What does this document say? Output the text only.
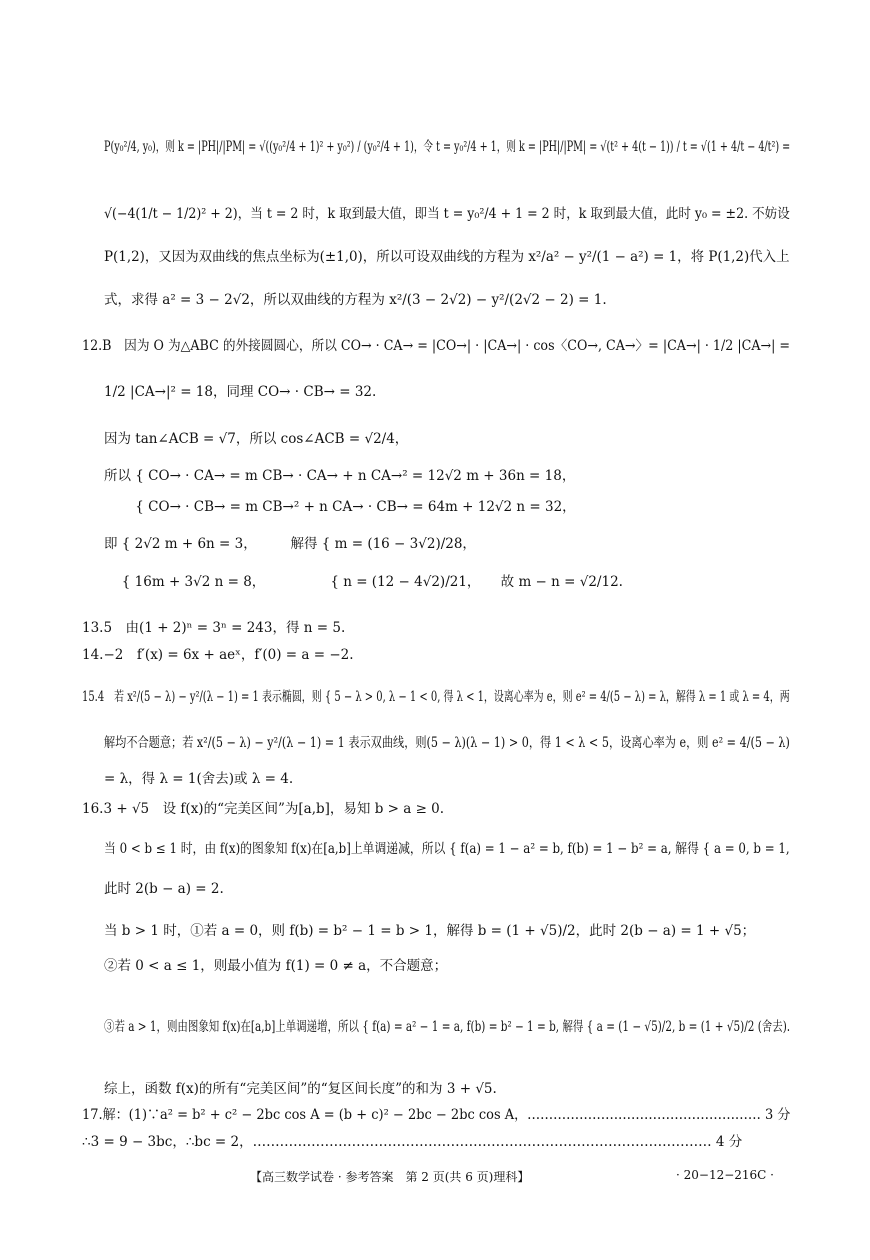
P(y₀²/4, y₀)，则 k = |PH|/|PM| = √((y₀²/4 + 1)² + y₀²) / (y₀²/4 + 1)，令 t = y₀²/4 + 1，则 k = |PH|/|PM| = √(t² + 4(t − 1)) / t = √(1 + 4/t − 4/t²) =
√(−4(1/t − 1/2)² + 2)，当 t = 2 时，k 取到最大值，即当 t = y₀²/4 + 1 = 2 时，k 取到最大值，此时 y₀ = ±2. 不妨设
P(1,2)，又因为双曲线的焦点坐标为(±1,0)，所以可设双曲线的方程为 x²/a² − y²/(1 − a²) = 1，将 P(1,2)代入上
式，求得 a² = 3 − 2√2，所以双曲线的方程为 x²/(3 − 2√2) − y²/(2√2 − 2) = 1.
12.B　因为 O 为△ABC 的外接圆圆心，所以 CO→ · CA→ = |CO→| · |CA→| · cos〈CO→, CA→〉= |CA→| · 1/2 |CA→| =
1/2 |CA→|² = 18，同理 CO→ · CB→ = 32.
因为 tan∠ACB = √7，所以 cos∠ACB = √2/4，
所以 { CO→ · CA→ = m CB→ · CA→ + n CA→² = 12√2 m + 36n = 18，
　　 { CO→ · CB→ = m CB→² + n CA→ · CB→ = 64m + 12√2 n = 32，
即 { 2√2 m + 6n = 3，　　　解得 { m = (16 − 3√2)/28，
　 { 16m + 3√2 n = 8，　　　　　 { n = (12 − 4√2)/21，　　故 m − n = √2/12.
13.5　由(1 + 2)ⁿ = 3ⁿ = 243，得 n = 5.
14.−2　f′(x) = 6x + aeˣ，f′(0) = a = −2.
15.4　若 x²/(5 − λ) − y²/(λ − 1) = 1 表示椭圆，则 { 5 − λ > 0, λ − 1 < 0, 得 λ < 1，设离心率为 e，则 e² = 4/(5 − λ) = λ，解得 λ = 1 或 λ = 4，两
解均不合题意；若 x²/(5 − λ) − y²/(λ − 1) = 1 表示双曲线，则(5 − λ)(λ − 1) > 0，得 1 < λ < 5，设离心率为 e，则 e² = 4/(5 − λ)
= λ，得 λ = 1(舍去)或 λ = 4.
16.3 + √5　设 f(x)的“完美区间”为[a,b]，易知 b > a ≥ 0.
当 0 < b ≤ 1 时，由 f(x)的图象知 f(x)在[a,b]上单调递减，所以 { f(a) = 1 − a² = b, f(b) = 1 − b² = a, 解得 { a = 0, b = 1,
此时 2(b − a) = 2.
当 b > 1 时，①若 a = 0，则 f(b) = b² − 1 = b > 1，解得 b = (1 + √5)/2，此时 2(b − a) = 1 + √5；
②若 0 < a ≤ 1，则最小值为 f(1) = 0 ≠ a，不合题意；
③若 a > 1，则由图象知 f(x)在[a,b]上单调递增，所以 { f(a) = a² − 1 = a, f(b) = b² − 1 = b, 解得 { a = (1 − √5)/2, b = (1 + √5)/2 (舍去).
综上，函数 f(x)的所有“完美区间”的“复区间长度”的和为 3 + √5.
17.解：(1)∵a² = b² + c² − 2bc cos A = (b + c)² − 2bc − 2bc cos A，……………………………………………… 3 分
∴3 = 9 − 3bc，∴bc = 2，………………………………………………………………………………………… 4 分
【高三数学试卷 · 参考答案　第 2 页(共 6 页)理科】	· 20−12−216C ·
